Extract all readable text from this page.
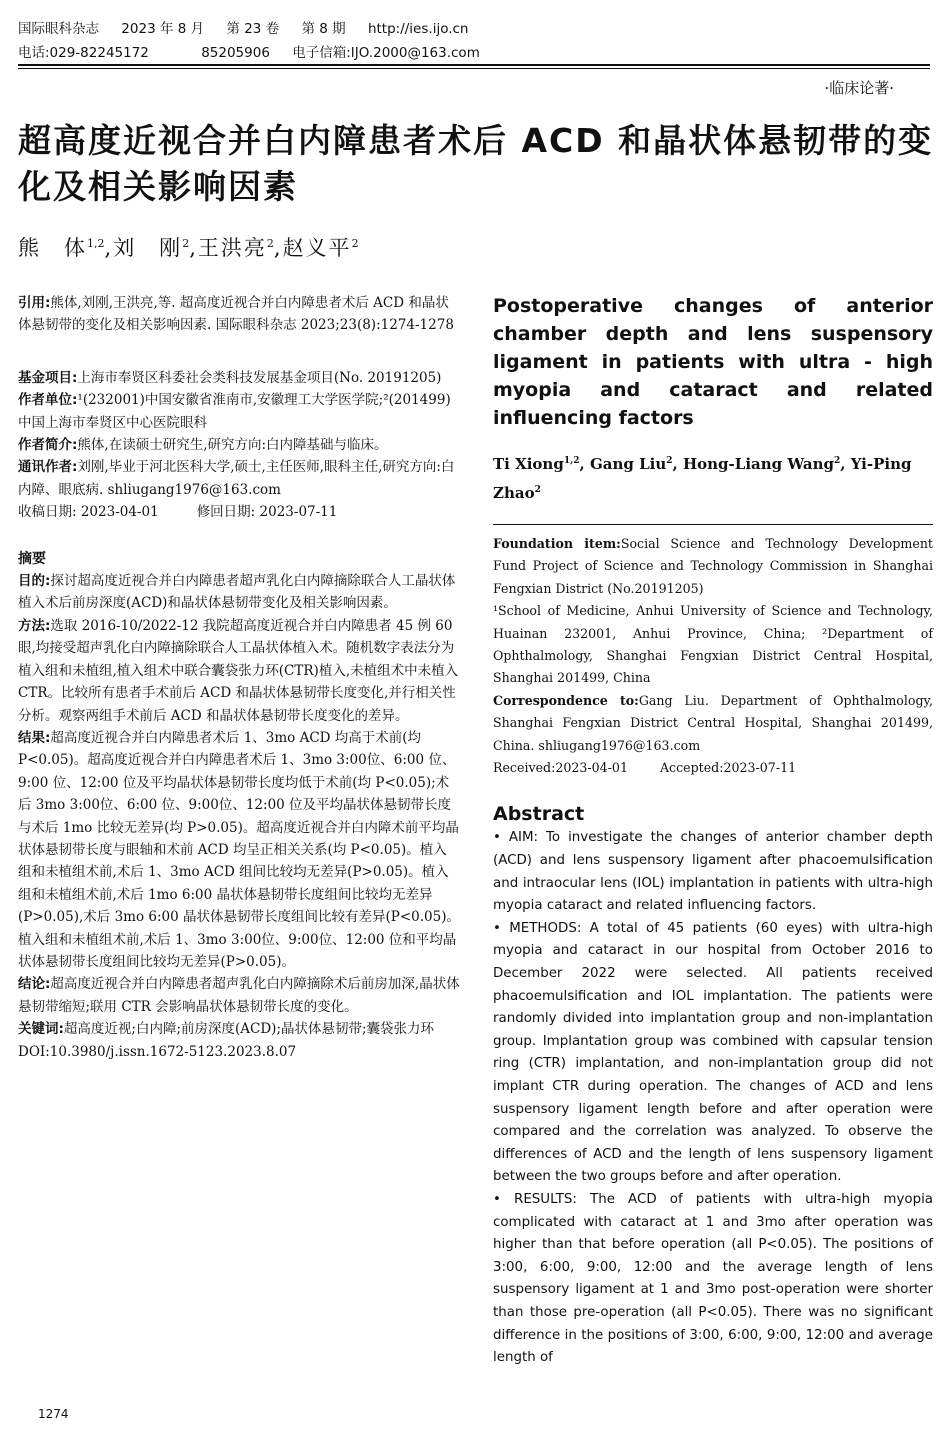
国际眼科杂志 2023 年 8 月 第 23 卷 第 8 期 http://ies.ijo.cn
电话:029-82245172	85205906 电子信箱:IJO.2000@163.com
·临床论著·
超高度近视合并白内障患者术后 ACD 和晶状体悬韧带的变化及相关影响因素
熊　体$^{1,2}$,刘　刚$^2$,王洪亮$^2$,赵义平$^2$

引用:熊体,刘刚,王洪亮,等. 超高度近视合并白内障患者术后 ACD 和晶状体悬韧带的变化及相关影响因素. 国际眼科杂志 2023;23(8):1274-1278

基金项目:上海市奉贤区科委社会类科技发展基金项目(No. 20191205)

作者单位:¹(232001)中国安徽省淮南市,安徽理工大学医学院;²(201499)中国上海市奉贤区中心医院眼科

作者简介:熊体,在读硕士研究生,研究方向:白内障基础与临床。

通讯作者:刘刚,毕业于河北医科大学,硕士,主任医师,眼科主任,研究方向:白内障、眼底病. shliugang1976@163.com

收稿日期: 2023-04-01	修回日期: 2023-07-11

摘要

目的:探讨超高度近视合并白内障患者超声乳化白内障摘除联合人工晶状体植入术后前房深度(ACD)和晶状体悬韧带变化及相关影响因素。

方法:选取 2016-10/2022-12 我院超高度近视合并白内障患者 45 例 60 眼,均接受超声乳化白内障摘除联合人工晶状体植入术。随机数字表法分为植入组和未植组,植入组术中联合囊袋张力环(CTR)植入,未植组术中未植入 CTR。比较所有患者手术前后 ACD 和晶状体悬韧带长度变化,并行相关性分析。观察两组手术前后 ACD 和晶状体悬韧带长度变化的差异。

结果:超高度近视合并白内障患者术后 1、3mo ACD 均高于术前(均 P<0.05)。超高度近视合并白内障患者术后 1、3mo 3:00位、6:00 位、9:00 位、12:00 位及平均晶状体悬韧带长度均低于术前(均 P<0.05);术后 3mo 3:00位、6:00 位、9:00位、12:00 位及平均晶状体悬韧带长度与术后 1mo 比较无差异(均 P>0.05)。超高度近视合并白内障术前平均晶状体悬韧带长度与眼轴和术前 ACD 均呈正相关关系(均 P<0.05)。植入组和未植组术前,术后 1、3mo ACD 组间比较均无差异(P>0.05)。植入组和未植组术前,术后 1mo 6:00 晶状体悬韧带长度组间比较均无差异(P>0.05),术后 3mo 6:00 晶状体悬韧带长度组间比较有差异(P<0.05)。植入组和未植组术前,术后 1、3mo 3:00位、9:00位、12:00 位和平均晶状体悬韧带长度组间比较均无差异(P>0.05)。

结论:超高度近视合并白内障患者超声乳化白内障摘除术后前房加深,晶状体悬韧带缩短;联用 CTR 会影响晶状体悬韧带长度的变化。

关键词:超高度近视;白内障;前房深度(ACD);晶状体悬韧带;囊袋张力环

DOI:10.3980/j.issn.1672-5123.2023.8.07

Postoperative changes of anterior chamber depth and lens suspensory ligament in patients with ultra - high myopia and cataract and related influencing factors

Ti Xiong$^{1,2}$, Gang Liu$^2$, Hong-Liang Wang$^2$, Yi-Ping Zhao$^2$

Foundation item:Social Science and Technology Development Fund Project of Science and Technology Commission in Shanghai Fengxian District (No.20191205)

¹School of Medicine, Anhui University of Science and Technology, Huainan 232001, Anhui Province, China; ²Department of Ophthalmology, Shanghai Fengxian District Central Hospital, Shanghai 201499, China

Correspondence to:Gang Liu. Department of Ophthalmology, Shanghai Fengxian District Central Hospital, Shanghai 201499, China. shliugang1976@163.com

Received:2023-04-01	Accepted:2023-07-11

Abstract

• AIM: To investigate the changes of anterior chamber depth (ACD) and lens suspensory ligament after phacoemulsification and intraocular lens (IOL) implantation in patients with ultra-high myopia cataract and related influencing factors.

• METHODS: A total of 45 patients (60 eyes) with ultra-high myopia and cataract in our hospital from October 2016 to December 2022 were selected. All patients received phacoemulsification and IOL implantation. The patients were randomly divided into implantation group and non-implantation group. Implantation group was combined with capsular tension ring (CTR) implantation, and non-implantation group did not implant CTR during operation. The changes of ACD and lens suspensory ligament length before and after operation were compared and the correlation was analyzed. To observe the differences of ACD and the length of lens suspensory ligament between the two groups before and after operation.

• RESULTS: The ACD of patients with ultra-high myopia complicated with cataract at 1 and 3mo after operation was higher than that before operation (all P<0.05). The positions of 3:00, 6:00, 9:00, 12:00 and the average length of lens suspensory ligament at 1 and 3mo post-operation were shorter than those pre-operation (all P<0.05). There was no significant difference in the positions of 3:00, 6:00, 9:00, 12:00 and average length of

1274
